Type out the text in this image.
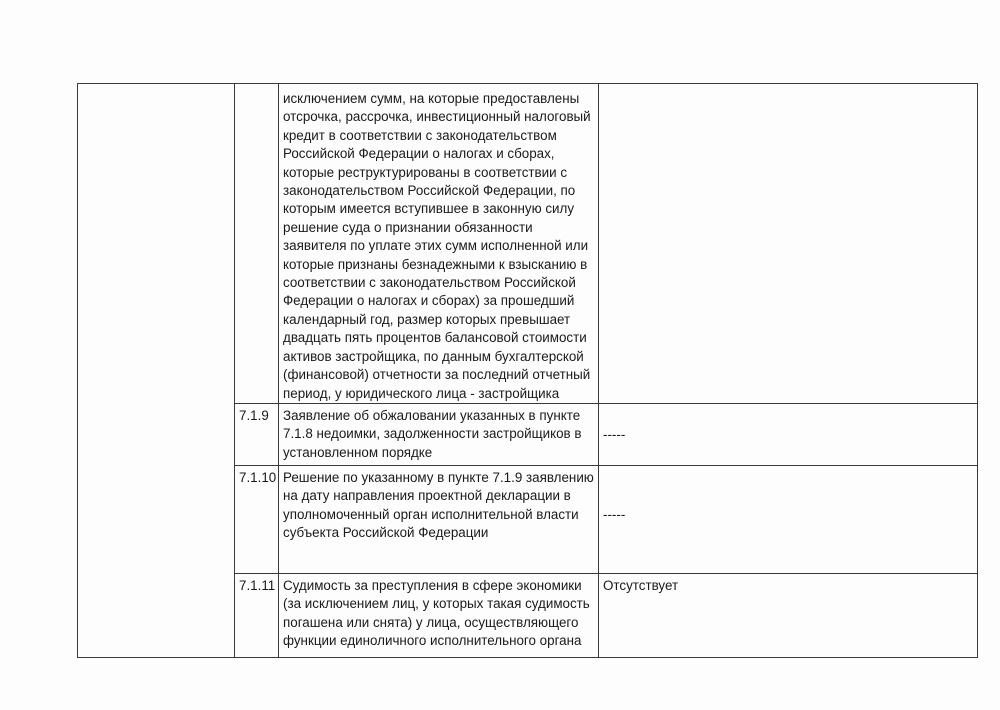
		исключением сумм, на которые предоставлены отсрочка, рассрочка, инвестиционный налоговый кредит в соответствии с законодательством Российской Федерации о налогах и сборах, которые реструктурированы в соответствии с законодательством Российской Федерации, по которым имеется вступившее в законную силу решение суда о признании обязанности заявителя по уплате этих сумм исполненной или которые признаны безнадежными к взысканию в соответствии с законодательством Российской Федерации о налогах и сборах) за прошедший календарный год, размер которых превышает двадцать пять процентов балансовой стоимости активов застройщика, по данным бухгалтерской (финансовой) отчетности за последний отчетный период, у юридического лица - застройщика	

	7.1.9	Заявление об обжаловании указанных в пункте 7.1.8 недоимки, задолженности застройщиков в установленном порядке	-----

	7.1.10	Решение по указанному в пункте 7.1.9 заявлению на дату направления проектной декларации в уполномоченный орган исполнительной власти субъекта Российской Федерации	-----

	7.1.11	Судимость за преступления в сфере экономики (за исключением лиц, у которых такая судимость погашена или снята) у лица, осуществляющего функции единоличного исполнительного органа	Отсутствует
